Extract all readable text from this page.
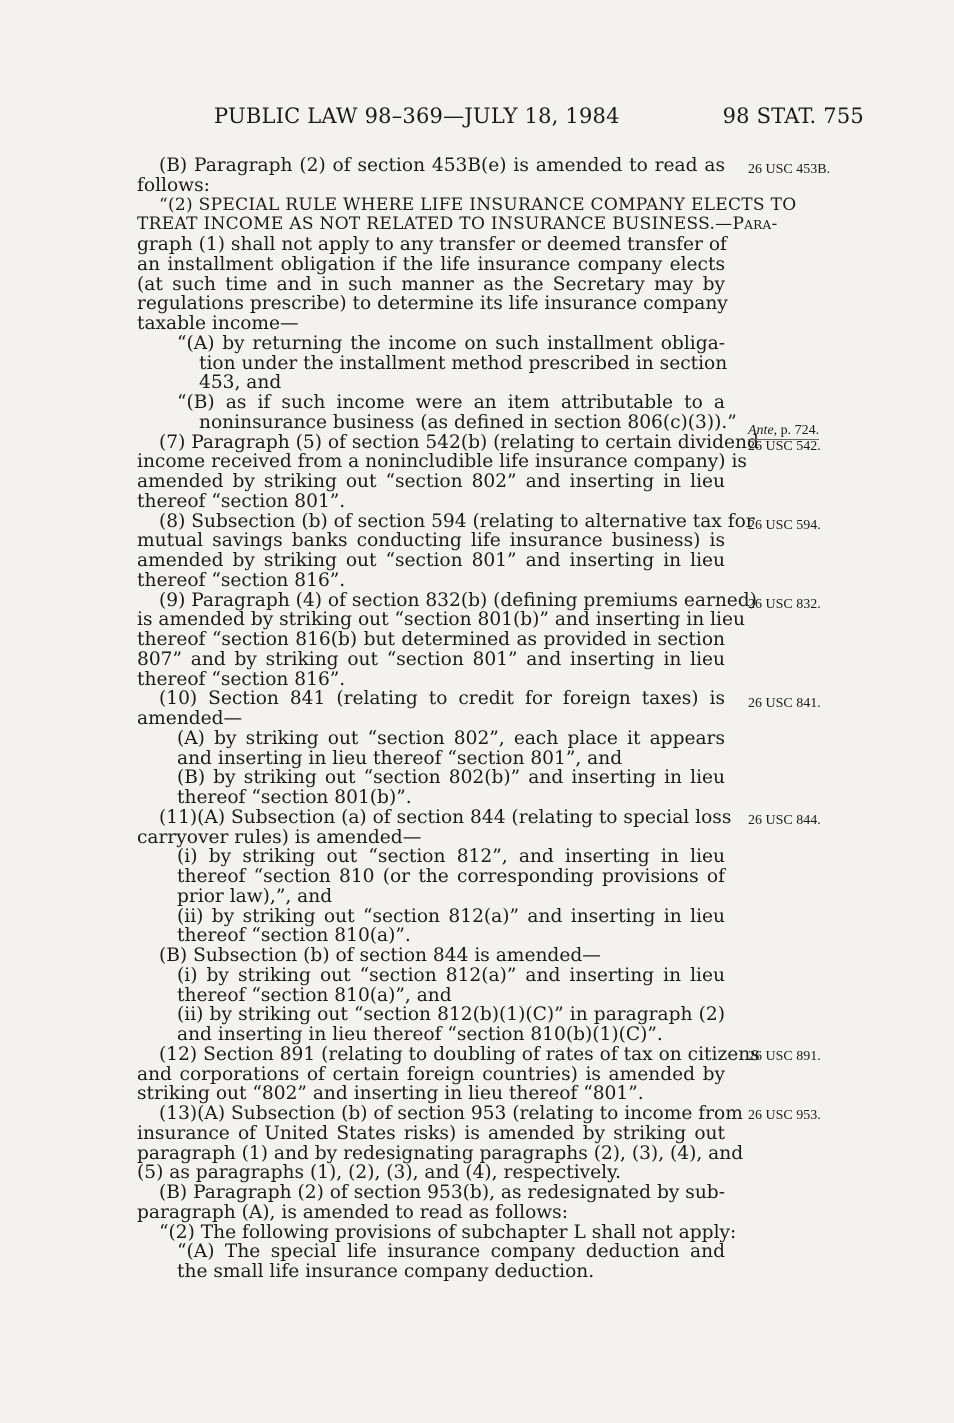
PUBLIC LAW 98–369—JULY 18, 1984	98 STAT. 755
(B) Paragraph (2) of section 453B(e) is amended to read as
follows:
“(2) SPECIAL RULE WHERE LIFE INSURANCE COMPANY ELECTS TO
TREAT INCOME AS NOT RELATED TO INSURANCE BUSINESS.—Para-
graph (1) shall not apply to any transfer or deemed transfer of
an installment obligation if the life insurance company elects
(at such time and in such manner as the Secretary may by
regulations prescribe) to determine its life insurance company
taxable income—
“(A) by returning the income on such installment obliga-
tion under the installment method prescribed in section
453, and
“(B) as if such income were an item attributable to a
noninsurance business (as defined in section 806(c)(3)).”
(7) Paragraph (5) of section 542(b) (relating to certain dividend
income received from a nonincludible life insurance company) is
amended by striking out “section 802” and inserting in lieu
thereof “section 801”.
(8) Subsection (b) of section 594 (relating to alternative tax for
mutual savings banks conducting life insurance business) is
amended by striking out “section 801” and inserting in lieu
thereof “section 816”.
(9) Paragraph (4) of section 832(b) (defining premiums earned)
is amended by striking out “section 801(b)” and inserting in lieu
thereof “section 816(b) but determined as provided in section
807” and by striking out “section 801” and inserting in lieu
thereof “section 816”.
(10) Section 841 (relating to credit for foreign taxes) is
amended—
(A) by striking out “section 802”, each place it appears
and inserting in lieu thereof “section 801”, and
(B) by striking out “section 802(b)” and inserting in lieu
thereof “section 801(b)”.
(11)(A) Subsection (a) of section 844 (relating to special loss
carryover rules) is amended—
(i) by striking out “section 812”, and inserting in lieu
thereof “section 810 (or the corresponding provisions of
prior law),”, and
(ii) by striking out “section 812(a)” and inserting in lieu
thereof “section 810(a)”.
(B) Subsection (b) of section 844 is amended—
(i) by striking out “section 812(a)” and inserting in lieu
thereof “section 810(a)”, and
(ii) by striking out “section 812(b)(1)(C)” in paragraph (2)
and inserting in lieu thereof “section 810(b)(1)(C)”.
(12) Section 891 (relating to doubling of rates of tax on citizens
and corporations of certain foreign countries) is amended by
striking out “802” and inserting in lieu thereof “801”.
(13)(A) Subsection (b) of section 953 (relating to income from
insurance of United States risks) is amended by striking out
paragraph (1) and by redesignating paragraphs (2), (3), (4), and
(5) as paragraphs (1), (2), (3), and (4), respectively.
(B) Paragraph (2) of section 953(b), as redesignated by sub-
paragraph (A), is amended to read as follows:
“(2) The following provisions of subchapter L shall not apply:
“(A) The special life insurance company deduction and
the small life insurance company deduction.
26 USC 453B.
Ante, p. 724.
26 USC 542.
26 USC 594.
26 USC 832.
26 USC 841.
26 USC 844.
26 USC 891.
26 USC 953.
